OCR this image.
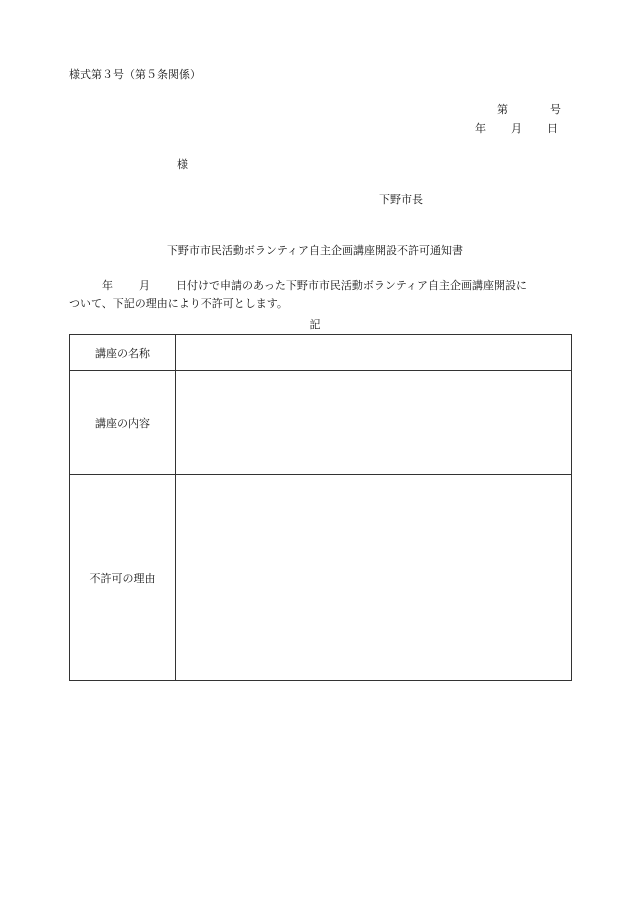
様式第３号（第５条関係）
第	号
年 月 日
様
下野市長
下野市市民活動ボランティア自主企画講座開設不許可通知書
年 月 日付けで申請のあった下野市市民活動ボランティア自主企画講座開設に
ついて、下記の理由により不許可とします。
記
講座の名称	
講座の内容	
不許可の理由	
